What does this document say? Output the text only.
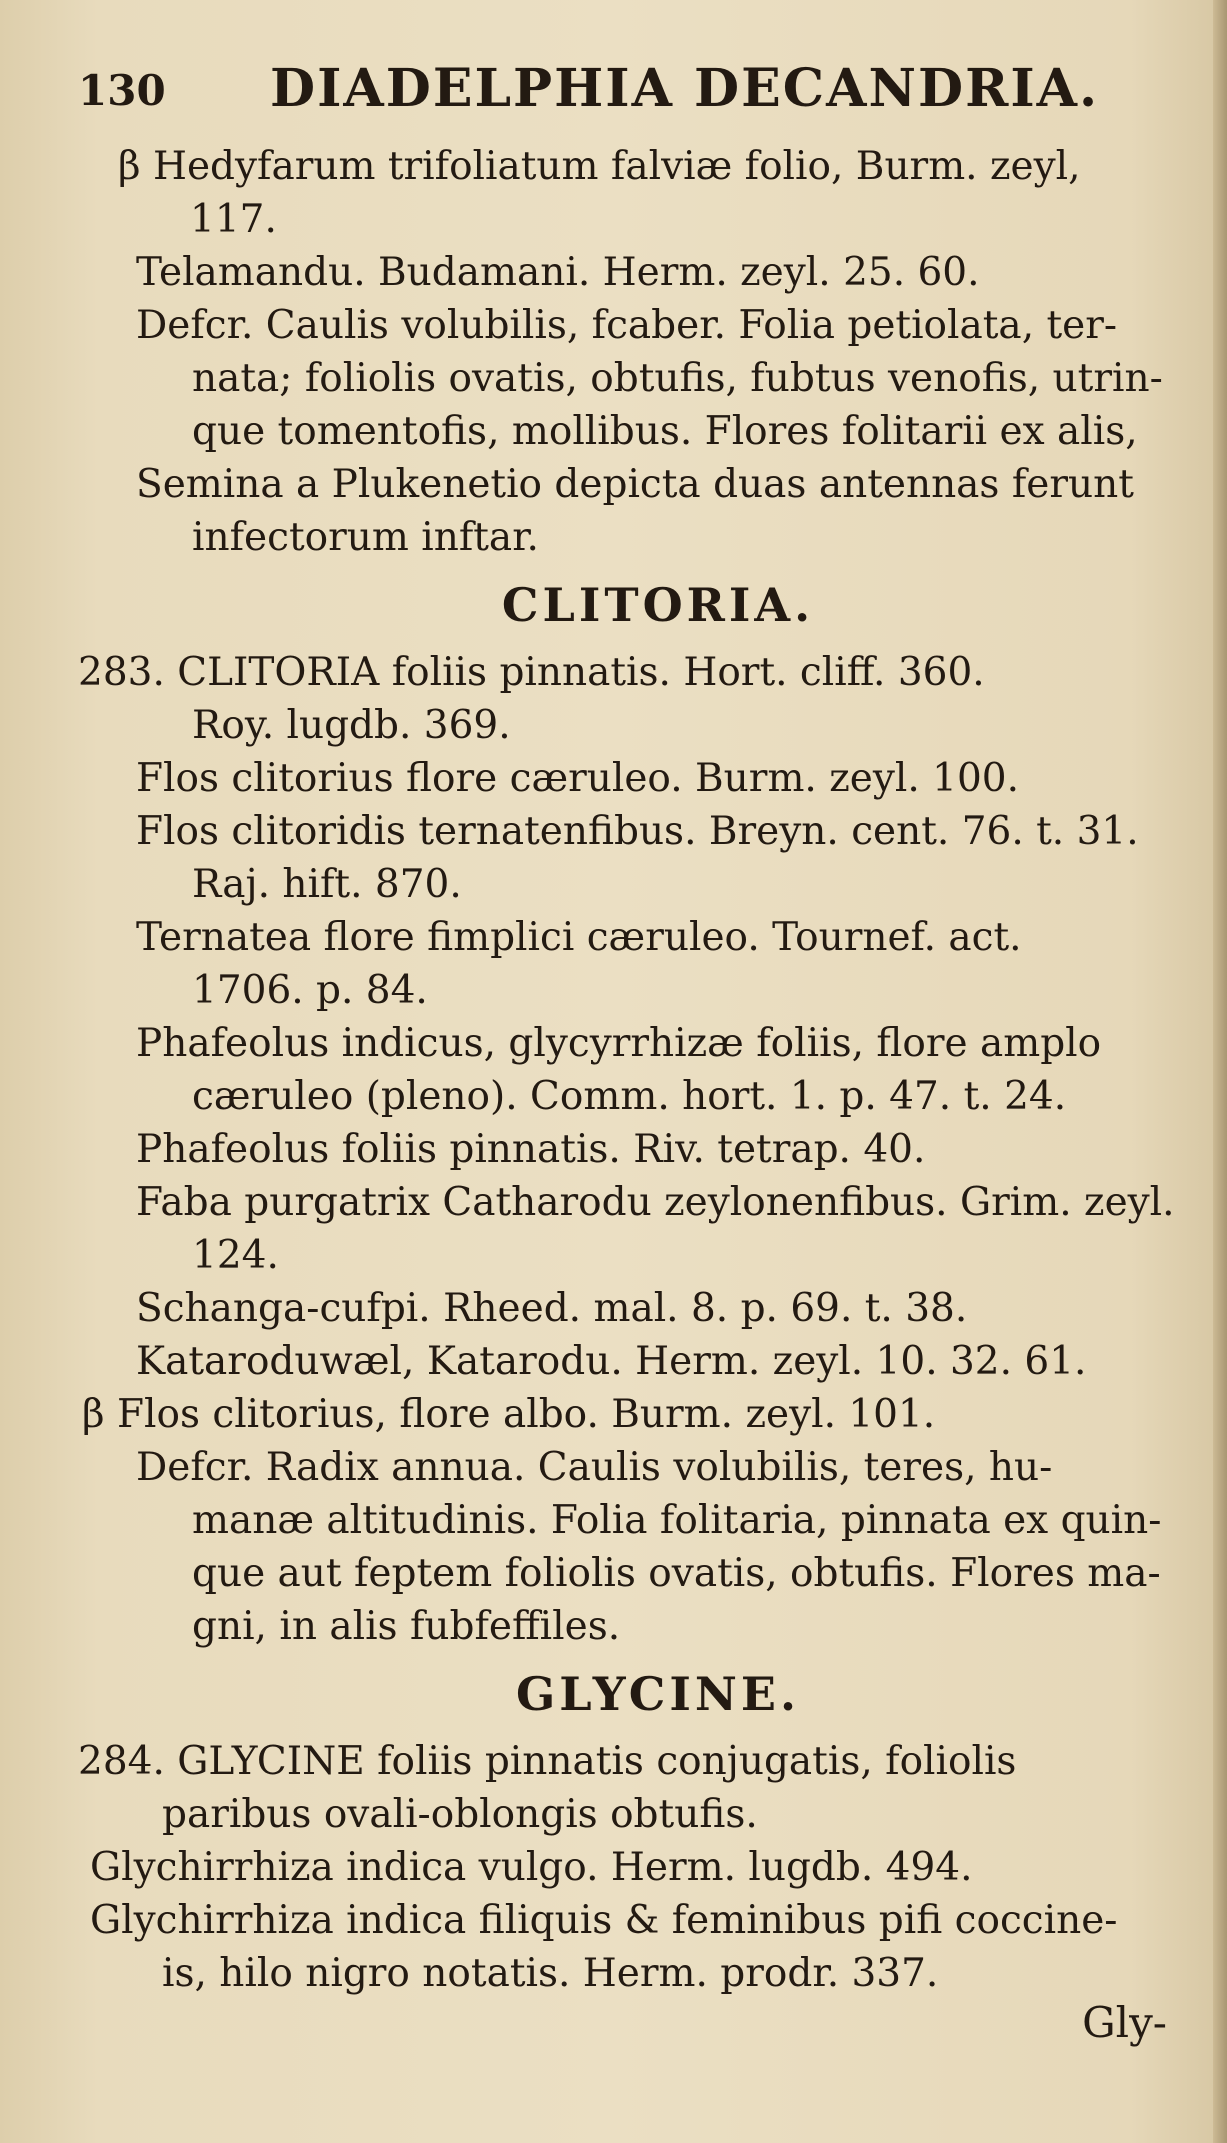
130 DIADELPHIA DECANDRIA.
β Hedyfarum trifoliatum falviæ folio, Burm. zeyl,
117.
Telamandu. Budamani. Herm. zeyl. 25. 60.
Defcr. Caulis volubilis, fcaber. Folia petiolata, ter-
nata; foliolis ovatis, obtufis, fubtus venofis, utrin-
que tomentofis, mollibus. Flores folitarii ex alis,
Semina a Plukenetio depicta duas antennas ferunt
infectorum inftar.
CLITORIA.
283. CLITORIA foliis pinnatis. Hort. cliff. 360.
Roy. lugdb. 369.
Flos clitorius flore cæruleo. Burm. zeyl. 100.
Flos clitoridis ternatenfibus. Breyn. cent. 76. t. 31.
Raj. hift. 870.
Ternatea flore fimplici cæruleo. Tournef. act.
1706. p. 84.
Phafeolus indicus, glycyrrhizæ foliis, flore amplo
cæruleo (pleno). Comm. hort. 1. p. 47. t. 24.
Phafeolus foliis pinnatis. Riv. tetrap. 40.
Faba purgatrix Catharodu zeylonenfibus. Grim. zeyl.
124.
Schanga-cufpi. Rheed. mal. 8. p. 69. t. 38.
Kataroduwæl, Katarodu. Herm. zeyl. 10. 32. 61.
β Flos clitorius, flore albo. Burm. zeyl. 101.
Defcr. Radix annua. Caulis volubilis, teres, hu-
manæ altitudinis. Folia folitaria, pinnata ex quin-
que aut feptem foliolis ovatis, obtufis. Flores ma-
gni, in alis fubfeffiles.
GLYCINE.
284. GLYCINE foliis pinnatis conjugatis, foliolis
paribus ovali-oblongis obtufis.
Glychirrhiza indica vulgo. Herm. lugdb. 494.
Glychirrhiza indica filiquis & feminibus pifi coccine-
is, hilo nigro notatis. Herm. prodr. 337.
Gly-
